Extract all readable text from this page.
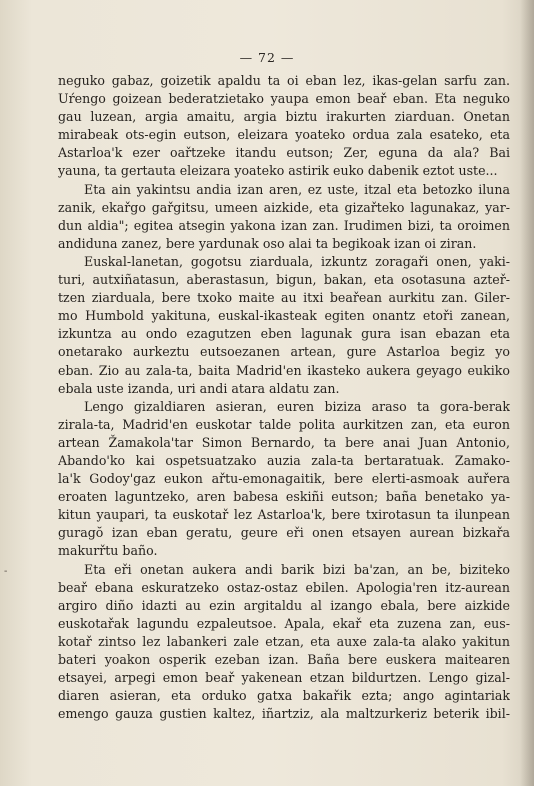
— 72 —
-
neguko gabaz, goizetik apaldu ta oi eban lez, ikas-gelan sarfu zan.
Uŕengo goizean bederatzietako yaupa emon beař eban. Eta neguko
gau luzean, argia amaitu, argia biztu irakurten ziarduan. Onetan
mirabeak ots-egin eutson, eleizara yoateko ordua zala esateko, eta
Astarloa'k ezer oařtzeke itandu eutson; Zer, eguna da ala? Bai
yauna, ta gertauta eleizara yoateko astirik euko dabenik eztot uste...
Eta ain yakintsu andia izan aren, ez uste, itzal eta betozko iluna
zanik, ekařgo gařgitsu, umeen aizkide, eta gizařteko lagunakaz, yar-
dun aldia"; egitea atsegin yakona izan zan. Irudimen bizi, ta oroimen
andiduna zanez, bere yardunak oso alai ta begikoak izan oi ziran.
Euskal-lanetan, gogotsu ziarduala, izkuntz zoragaři onen, yaki-
turi, autxiñatasun, aberastasun, bigun, bakan, eta osotasuna azteř-
tzen ziarduala, bere txoko maite au itxi beařean aurkitu zan. Giler-
mo Humbold yakituna, euskal-ikasteak egiten onantz etoři zanean,
izkuntza au ondo ezagutzen eben lagunak gura isan ebazan eta
onetarako aurkeztu eutsoezanen artean, gure Astarloa begiz yo
eban. Zio au zala-ta, baita Madrid'en ikasteko aukera geyago eukiko
ebala uste izanda, uri andi atara aldatu zan.
Lengo gizaldiaren asieran, euren biziza araso ta gora-berak
zirala-ta, Madrid'en euskotar talde polita aurkitzen zan, eta euron
artean Žamakola'tar Simon Bernardo, ta bere anai Juan Antonio,
Abando'ko kai ospetsuatzako auzia zala-ta bertaratuak. Zamako-
la'k Godoy'gaz eukon ařtu-emonagaitik, bere elerti-asmoak auřera
eroaten laguntzeko, aren babesa eskiñi eutson; baña benetako ya-
kitun yaupari, ta euskotař lez Astarloa'k, bere txirotasun ta ilunpean
guragŏ izan eban geratu, geure eři onen etsayen aurean bizkařa
makurřtu baño.
Eta eři onetan aukera andi barik bizi ba'zan, an be, biziteko
beař ebana eskuratzeko ostaz-ostaz ebilen. Apologia'ren itz-aurean
argiro diño idazti au ezin argitaldu al izango ebala, bere aizkide
euskotařak lagundu ezpaleutsoe. Apala, ekař eta zuzena zan, eus-
kotař zintso lez labankeri zale etzan, eta auxe zala-ta alako yakitun
bateri yoakon osperik ezeban izan. Baña bere euskera maitearen
etsayei, arpegi emon beař yakenean etzan bildurtzen. Lengo gizal-
diaren asieran, eta orduko gatxa bakařik ezta; ango agintariak
emengo gauza gustien kaltez, iñartziz, ala maltzurkeriz beterik ibil-
